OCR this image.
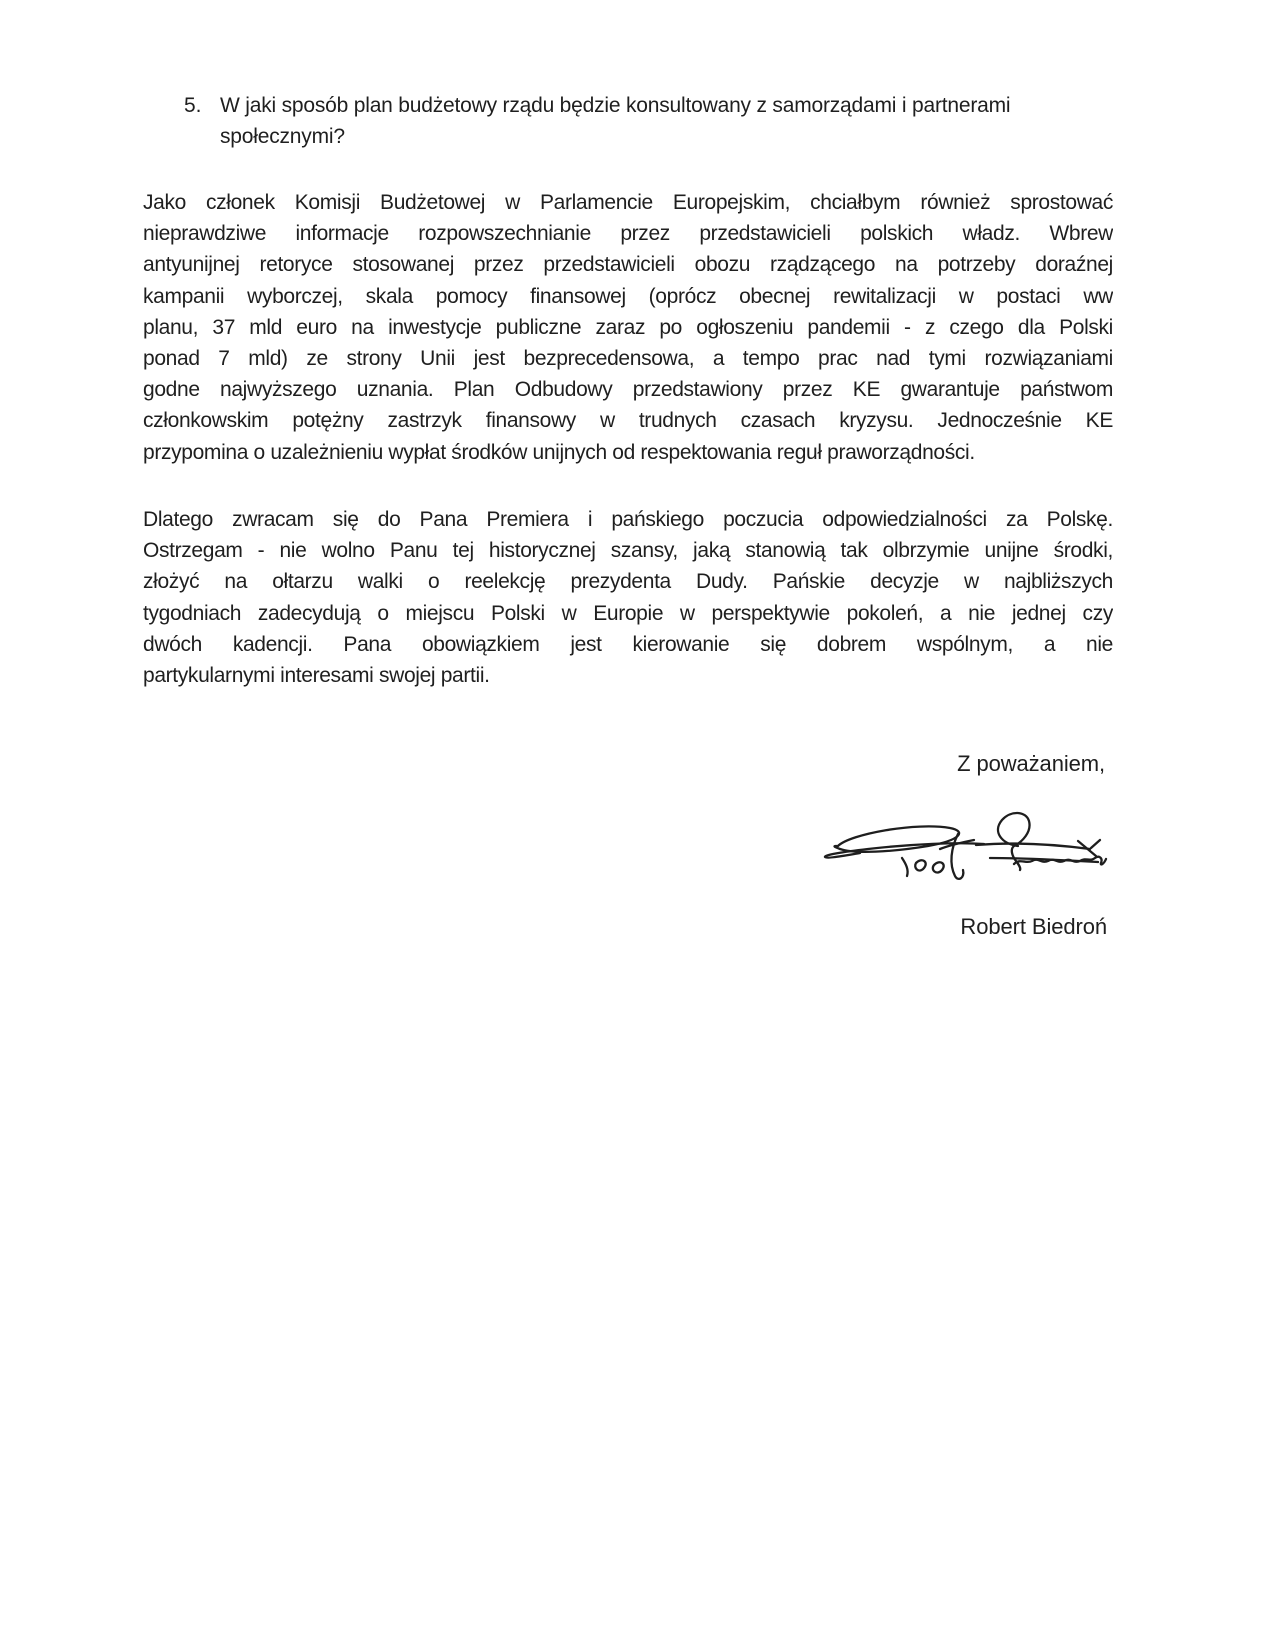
5. W jaki sposób plan budżetowy rządu będzie konsultowany z samorządami i partnerami
społecznymi?
Jako członek Komisji Budżetowej w Parlamencie Europejskim, chciałbym również sprostować
nieprawdziwe informacje rozpowszechnianie przez przedstawicieli polskich władz. Wbrew
antyunijnej retoryce stosowanej przez przedstawicieli obozu rządzącego na potrzeby doraźnej
kampanii wyborczej, skala pomocy finansowej (oprócz obecnej rewitalizacji w postaci ww
planu, 37 mld euro na inwestycje publiczne zaraz po ogłoszeniu pandemii - z czego dla Polski
ponad 7 mld) ze strony Unii jest bezprecedensowa, a tempo prac nad tymi rozwiązaniami
godne najwyższego uznania. Plan Odbudowy przedstawiony przez KE gwarantuje państwom
członkowskim potężny zastrzyk finansowy w trudnych czasach kryzysu. Jednocześnie KE
przypomina o uzależnieniu wypłat środków unijnych od respektowania reguł praworządności.
Dlatego zwracam się do Pana Premiera i pańskiego poczucia odpowiedzialności za Polskę.
Ostrzegam - nie wolno Panu tej historycznej szansy, jaką stanowią tak olbrzymie unijne środki,
złożyć na ołtarzu walki o reelekcję prezydenta Dudy. Pańskie decyzje w najbliższych
tygodniach zadecydują o miejscu Polski w Europie w perspektywie pokoleń, a nie jednej czy
dwóch kadencji. Pana obowiązkiem jest kierowanie się dobrem wspólnym, a nie
partykularnymi interesami swojej partii.
Z poważaniem,
Robert Biedroń
